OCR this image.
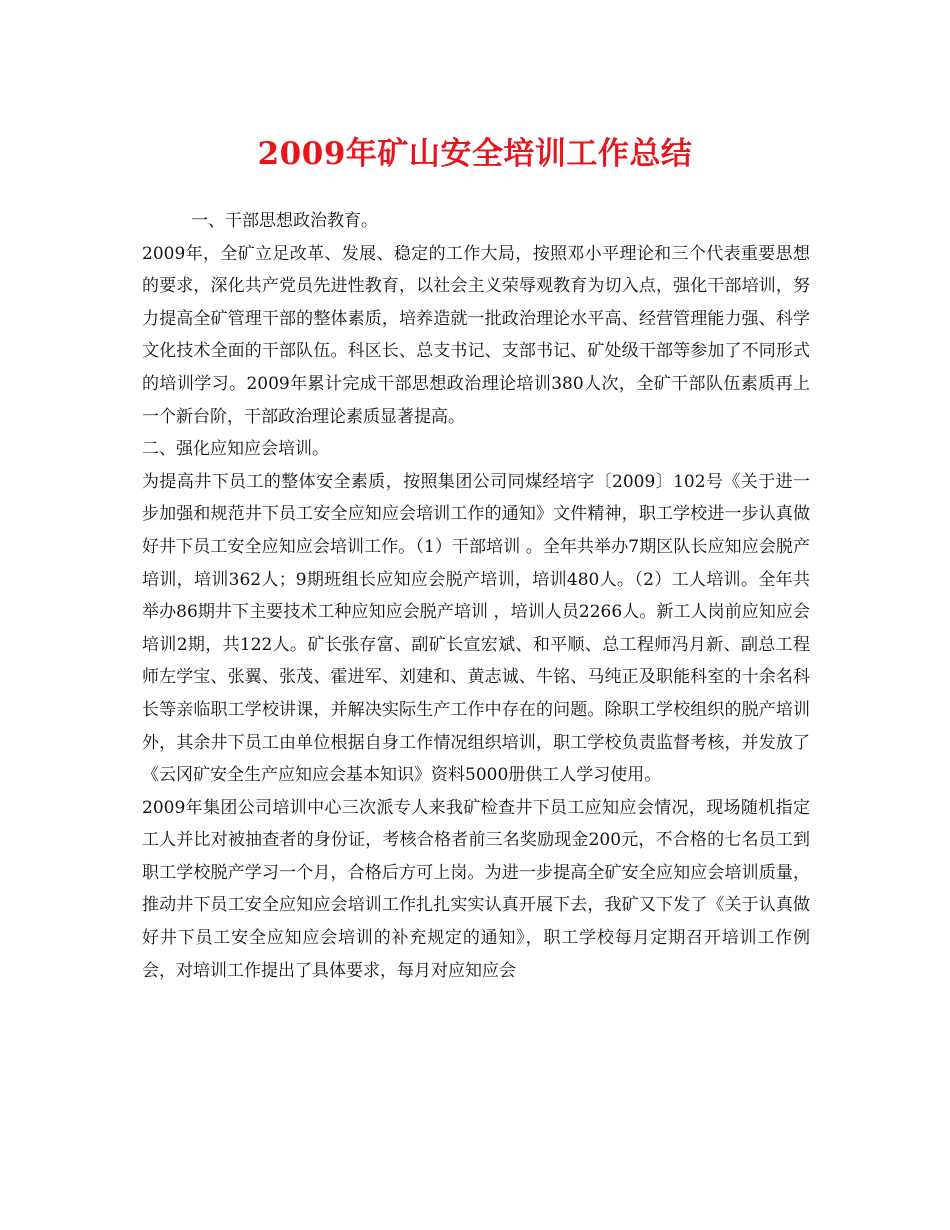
2009年矿山安全培训工作总结

一、干部思想政治教育。

2009年，全矿立足改革、发展、稳定的工作大局，按照邓小平理论和三个代表重要思想的要求，深化共产党员先进性教育，以社会主义荣辱观教育为切入点，强化干部培训，努力提高全矿管理干部的整体素质，培养造就一批政治理论水平高、经营管理能力强、科学文化技术全面的干部队伍。科区长、总支书记、支部书记、矿处级干部等参加了不同形式的培训学习。2009年累计完成干部思想政治理论培训380人次，全矿干部队伍素质再上一个新台阶，干部政治理论素质显著提高。

二、强化应知应会培训。

为提高井下员工的整体安全素质，按照集团公司同煤经培字〔2009〕102号《关于进一步加强和规范井下员工安全应知应会培训工作的通知》文件精神，职工学校进一步认真做好井下员工安全应知应会培训工作。（1）干部培训 。全年共举办7期区队长应知应会脱产培训，培训362人；9期班组长应知应会脱产培训，培训480人。（2）工人培训。全年共举办86期井下主要技术工种应知应会脱产培训 ，培训人员2266人。新工人岗前应知应会培训2期，共122人。矿长张存富、副矿长宣宏斌、和平顺、总工程师冯月新、副总工程师左学宝、张翼、张茂、霍进军、刘建和、黄志诚、牛铭、马纯正及职能科室的十余名科长等亲临职工学校讲课，并解决实际生产工作中存在的问题。除职工学校组织的脱产培训外，其余井下员工由单位根据自身工作情况组织培训，职工学校负责监督考核，并发放了《云冈矿安全生产应知应会基本知识》资料5000册供工人学习使用。

2009年集团公司培训中心三次派专人来我矿检查井下员工应知应会情况，现场随机指定工人并比对被抽查者的身份证，考核合格者前三名奖励现金200元，不合格的七名员工到职工学校脱产学习一个月，合格后方可上岗。为进一步提高全矿安全应知应会培训质量，推动井下员工安全应知应会培训工作扎扎实实认真开展下去，我矿又下发了《关于认真做好井下员工安全应知应会培训的补充规定的通知》，职工学校每月定期召开培训工作例会，对培训工作提出了具体要求，每月对应知应会
